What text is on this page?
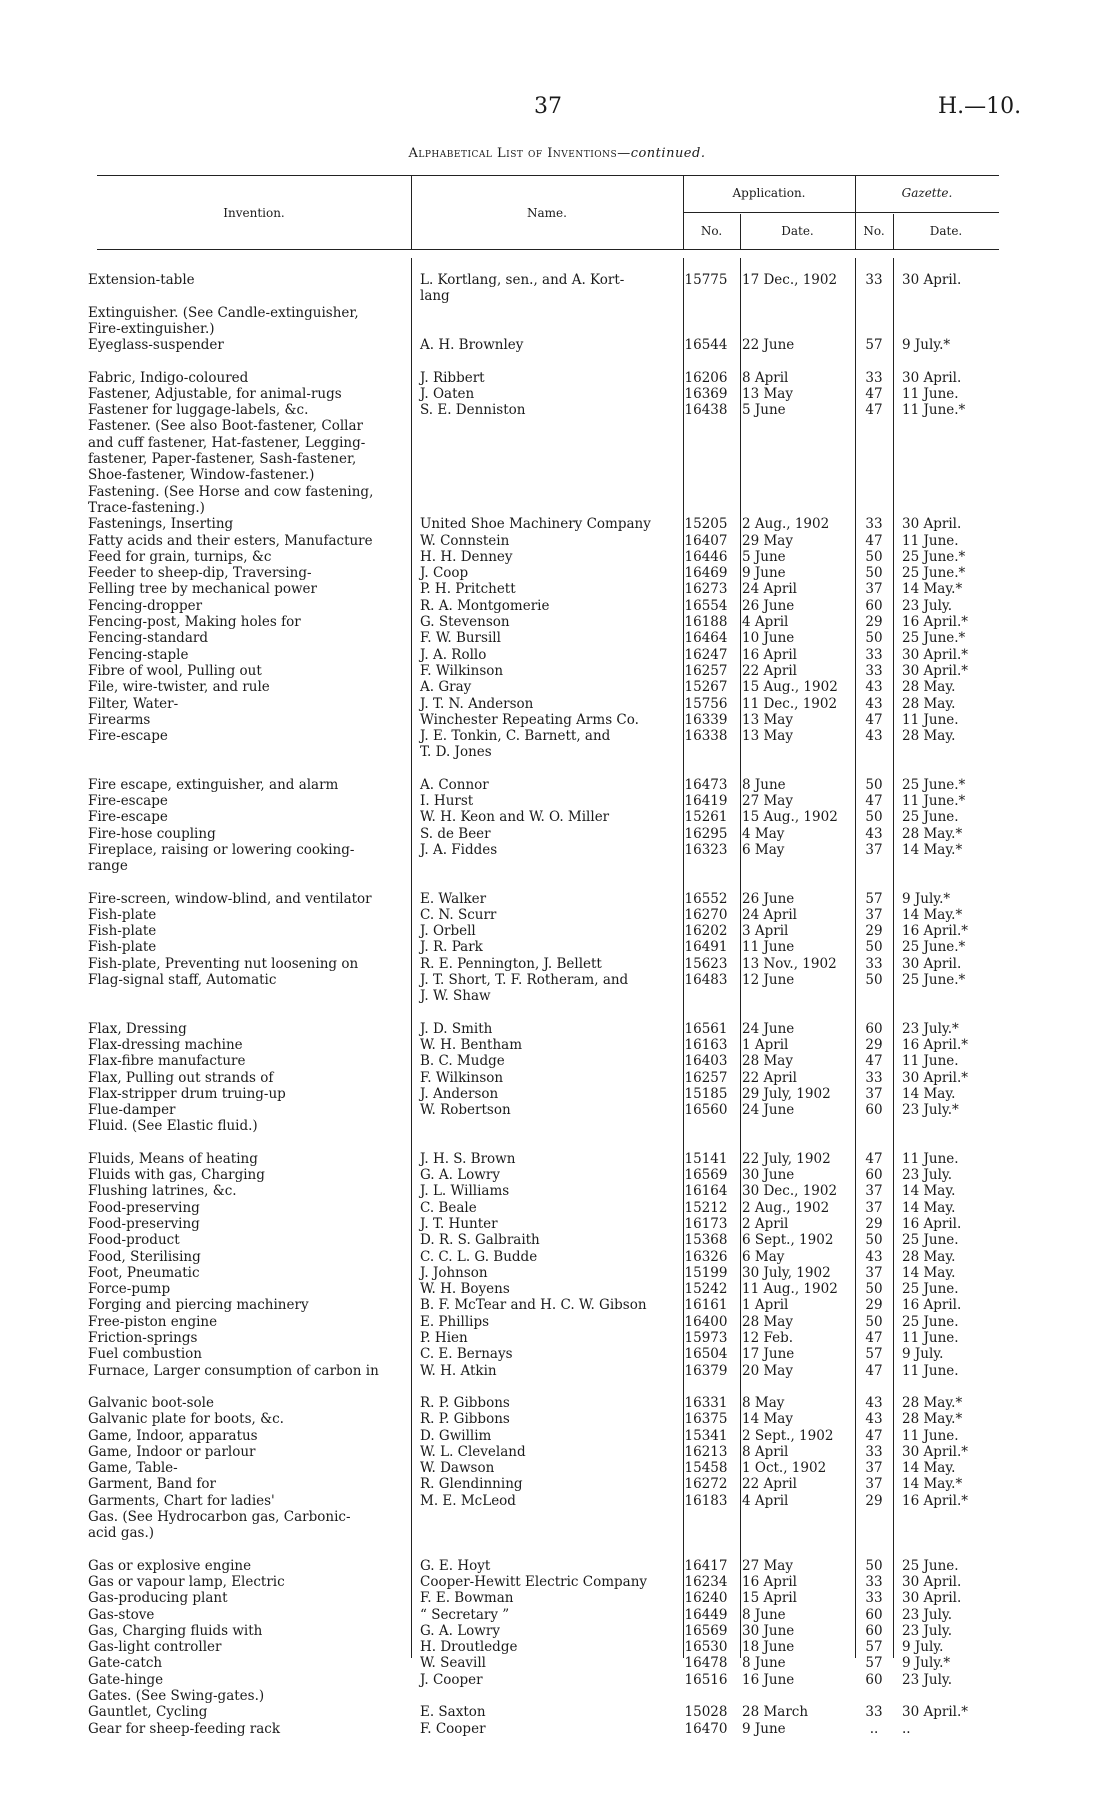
37	H.—10.
Alphabetical List of Inventions—continued.
Invention.	Name.
Application.	Gazette.
No.	Date.	No.	Date.
Extension-table	L. Kortlang, sen., and A. Kort-	15775 17 Dec., 1902	33	30 April.
lang
Extinguisher. (See Candle-extinguisher,
Fire-extinguisher.)
Eyeglass-suspender	A. H. Brownley	16544 22 June	57	9 July.*
Fabric, Indigo-coloured	J. Ribbert	16206 8 April	33	30 April.
Fastener, Adjustable, for animal-rugs	J. Oaten	16369 13 May	47	11 June.
Fastener for luggage-labels, &c.	S. E. Denniston	16438 5 June	47	11 June.*
Fastener. (See also Boot-fastener, Collar
and cuff fastener, Hat-fastener, Legging-
fastener, Paper-fastener, Sash-fastener,
Shoe-fastener, Window-fastener.)
Fastening. (See Horse and cow fastening,
Trace-fastening.)
Fastenings, Inserting	United Shoe Machinery Company	15205 2 Aug., 1902	33	30 April.
Fatty acids and their esters, Manufacture	W. Connstein	16407 29 May	47	11 June.
Feed for grain, turnips, &c	H. H. Denney	16446 5 June	50	25 June.*
Feeder to sheep-dip, Traversing-	J. Coop	16469 9 June	50	25 June.*
Felling tree by mechanical power	P. H. Pritchett	16273 24 April	37	14 May.*
Fencing-dropper	R. A. Montgomerie	16554 26 June	60	23 July.
Fencing-post, Making holes for	G. Stevenson	16188 4 April	29	16 April.*
Fencing-standard	F. W. Bursill	16464 10 June	50	25 June.*
Fencing-staple	J. A. Rollo	16247 16 April	33	30 April.*
Fibre of wool, Pulling out	F. Wilkinson	16257 22 April	33	30 April.*
File, wire-twister, and rule	A. Gray	15267 15 Aug., 1902	43	28 May.
Filter, Water-	J. T. N. Anderson	15756 11 Dec., 1902	43	28 May.
Firearms	Winchester Repeating Arms Co.	16339 13 May	47	11 June.
Fire-escape	J. E. Tonkin, C. Barnett, and	16338 13 May	43	28 May.
T. D. Jones
Fire escape, extinguisher, and alarm	A. Connor	16473 8 June	50	25 June.*
Fire-escape	I. Hurst	16419 27 May	47	11 June.*
Fire-escape	W. H. Keon and W. O. Miller	15261 15 Aug., 1902	50	25 June.
Fire-hose coupling	S. de Beer	16295 4 May	43	28 May.*
Fireplace, raising or lowering cooking-	J. A. Fiddes	16323 6 May	37	14 May.*
range
Fire-screen, window-blind, and ventilator	E. Walker	16552 26 June	57	9 July.*
Fish-plate	C. N. Scurr	16270 24 April	37	14 May.*
Fish-plate	J. Orbell	16202 3 April	29	16 April.*
Fish-plate	J. R. Park	16491 11 June	50	25 June.*
Fish-plate, Preventing nut loosening on	R. E. Pennington, J. Bellett	15623 13 Nov., 1902	33	30 April.
Flag-signal staff, Automatic	J. T. Short, T. F. Rotheram, and	16483 12 June	50	25 June.*
J. W. Shaw
Flax, Dressing	J. D. Smith	16561 24 June	60	23 July.*
Flax-dressing machine	W. H. Bentham	16163 1 April	29	16 April.*
Flax-fibre manufacture	B. C. Mudge	16403 28 May	47	11 June.
Flax, Pulling out strands of	F. Wilkinson	16257 22 April	33	30 April.*
Flax-stripper drum truing-up	J. Anderson	15185 29 July, 1902	37	14 May.
Flue-damper	W. Robertson	16560 24 June	60	23 July.*
Fluid. (See Elastic fluid.)
Fluids, Means of heating	J. H. S. Brown	15141 22 July, 1902	47	11 June.
Fluids with gas, Charging	G. A. Lowry	16569 30 June	60	23 July.
Flushing latrines, &c.	J. L. Williams	16164 30 Dec., 1902	37	14 May.
Food-preserving	C. Beale	15212 2 Aug., 1902	37	14 May.
Food-preserving	J. T. Hunter	16173 2 April	29	16 April.
Food-product	D. R. S. Galbraith	15368 6 Sept., 1902	50	25 June.
Food, Sterilising	C. C. L. G. Budde	16326 6 May	43	28 May.
Foot, Pneumatic	J. Johnson	15199 30 July, 1902	37	14 May.
Force-pump	W. H. Boyens	15242 11 Aug., 1902	50	25 June.
Forging and piercing machinery	B. F. McTear and H. C. W. Gibson	16161 1 April	29	16 April.
Free-piston engine	E. Phillips	16400 28 May	50	25 June.
Friction-springs	P. Hien	15973 12 Feb.	47	11 June.
Fuel combustion	C. E. Bernays	16504 17 June	57	9 July.
Furnace, Larger consumption of carbon in	W. H. Atkin	16379 20 May	47	11 June.
Galvanic boot-sole	R. P. Gibbons	16331 8 May	43	28 May.*
Galvanic plate for boots, &c.	R. P. Gibbons	16375 14 May	43	28 May.*
Game, Indoor, apparatus	D. Gwillim	15341 2 Sept., 1902	47	11 June.
Game, Indoor or parlour	W. L. Cleveland	16213 8 April	33	30 April.*
Game, Table-	W. Dawson	15458 1 Oct., 1902	37	14 May.
Garment, Band for	R. Glendinning	16272 22 April	37	14 May.*
Garments, Chart for ladies'	M. E. McLeod	16183 4 April	29	16 April.*
Gas. (See Hydrocarbon gas, Carbonic-
acid gas.)
Gas or explosive engine	G. E. Hoyt	16417 27 May	50	25 June.
Gas or vapour lamp, Electric	Cooper-Hewitt Electric Company	16234 16 April	33	30 April.
Gas-producing plant	F. E. Bowman	16240 15 April	33	30 April.
Gas-stove	“ Secretary ”	16449 8 June	60	23 July.
Gas, Charging fluids with	G. A. Lowry	16569 30 June	60	23 July.
Gas-light controller	H. Droutledge	16530 18 June	57	9 July.
Gate-catch	W. Seavill	16478 8 June	57	9 July.*
Gate-hinge	J. Cooper	16516 16 June	60	23 July.
Gates. (See Swing-gates.)
Gauntlet, Cycling	E. Saxton	15028 28 March	33	30 April.*
Gear for sheep-feeding rack	F. Cooper	16470 9 June	..	..
